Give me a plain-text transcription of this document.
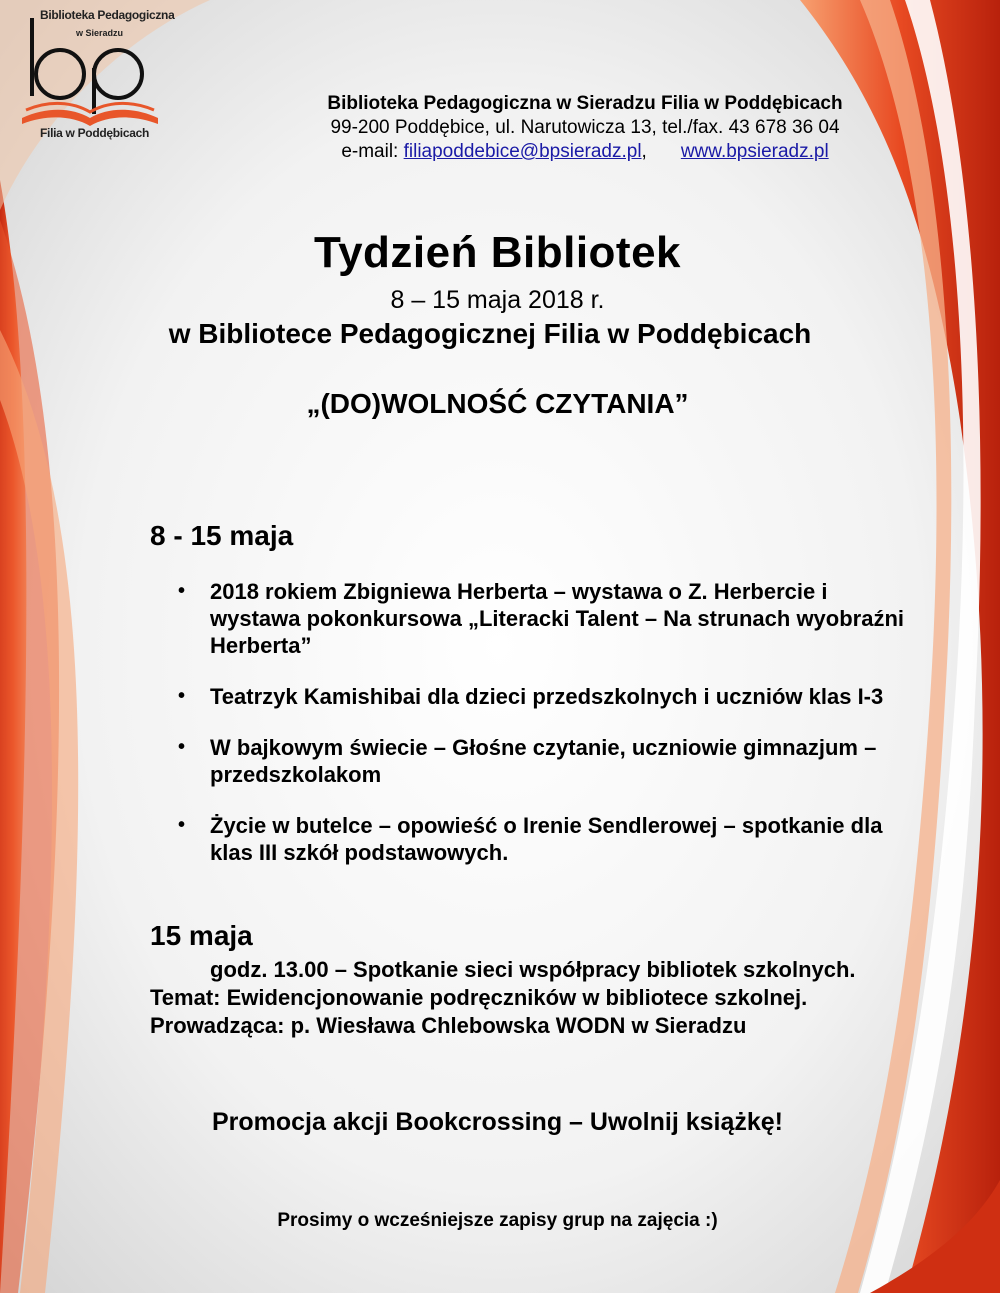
Biblioteka Pedagogiczna
w Sieradzu
Filia w Poddębicach
Biblioteka Pedagogiczna w Sieradzu Filia w Poddębicach
99-200 Poddębice, ul. Narutowicza 13, tel./fax. 43 678 36 04
e-mail: filiapoddebice@bpsieradz.pl, www.bpsieradz.pl
Tydzień Bibliotek
8 – 15 maja 2018 r.
w Bibliotece Pedagogicznej Filia w Poddębicach
„(DO)WOLNOŚĆ CZYTANIA”
8 - 15 maja
• 2018 rokiem Zbigniewa Herberta – wystawa o Z. Herbercie i wystawa pokonkursowa „Literacki Talent – Na strunach wyobraźni Herberta”
• Teatrzyk Kamishibai dla dzieci przedszkolnych i uczniów klas I-3
• W bajkowym świecie – Głośne czytanie, uczniowie gimnazjum – przedszkolakom
• Życie w butelce – opowieść o Irenie Sendlerowej – spotkanie dla klas III szkół podstawowych.
15 maja
godz. 13.00 – Spotkanie sieci współpracy bibliotek szkolnych.
Temat: Ewidencjonowanie podręczników w bibliotece szkolnej.
Prowadząca: p. Wiesława Chlebowska WODN w Sieradzu
Promocja akcji Bookcrossing – Uwolnij książkę!
Prosimy o wcześniejsze zapisy grup na zajęcia :)
